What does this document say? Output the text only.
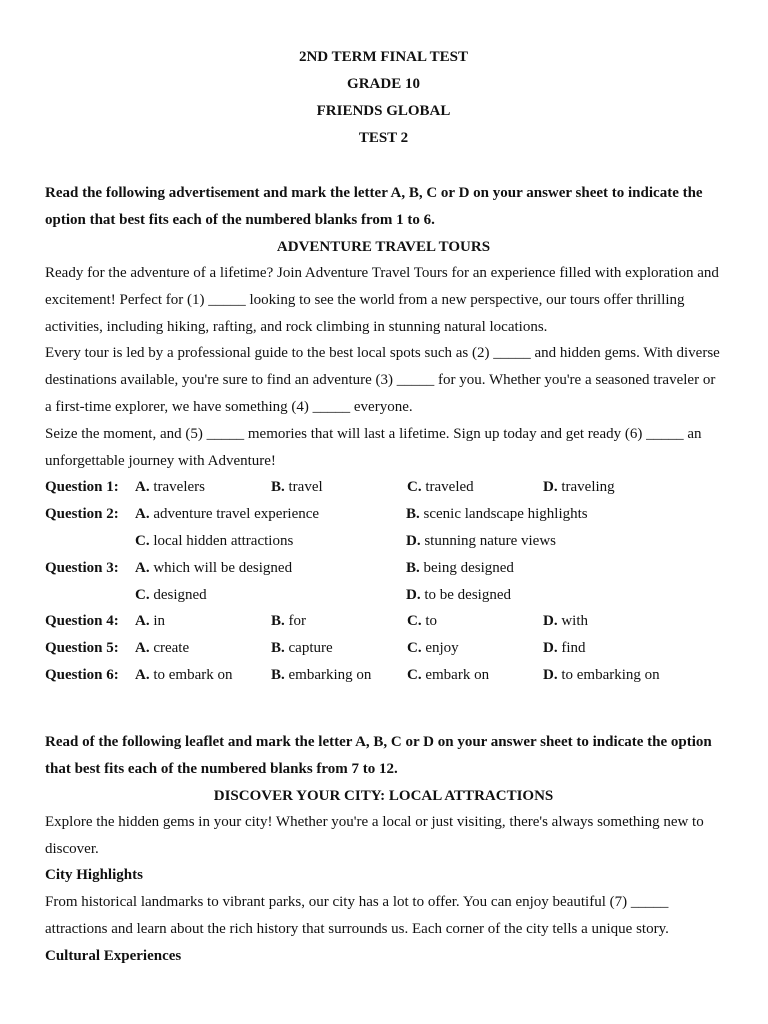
2ND TERM FINAL TEST
GRADE 10
FRIENDS GLOBAL
TEST 2
Read the following advertisement and mark the letter A, B, C or D on your answer sheet to indicate the option that best fits each of the numbered blanks from 1 to 6.
ADVENTURE TRAVEL TOURS

Ready for the adventure of a lifetime? Join Adventure Travel Tours for an experience filled with exploration and excitement! Perfect for (1) _____ looking to see the world from a new perspective, our tours offer thrilling activities, including hiking, rafting, and rock climbing in stunning natural locations.

Every tour is led by a professional guide to the best local spots such as (2) _____ and hidden gems. With diverse destinations available, you're sure to find an adventure (3) _____ for you. Whether you're a seasoned traveler or a first-time explorer, we have something (4) _____ everyone.

Seize the moment, and (5) _____ memories that will last a lifetime. Sign up today and get ready (6) _____ an unforgettable journey with Adventure!

Question 1:	A. travelers	B. travel	C. traveled	D. traveling
Question 2:	A. adventure travel experience	B. scenic landscape highlights
C. local hidden attractions	D. stunning nature views
Question 3:	A. which will be designed	B. being designed
C. designed	D. to be designed
Question 4:	A. in	B. for	C. to	D. with
Question 5:	A. create	B. capture	C. enjoy	D. find
Question 6:	A. to embark on	B. embarking on	C. embark on	D. to embarking on
Read of the following leaflet and mark the letter A, B, C or D on your answer sheet to indicate the option that best fits each of the numbered blanks from 7 to 12.
DISCOVER YOUR CITY: LOCAL ATTRACTIONS

Explore the hidden gems in your city! Whether you're a local or just visiting, there's always something new to discover.

City Highlights

From historical landmarks to vibrant parks, our city has a lot to offer. You can enjoy beautiful (7) _____ attractions and learn about the rich history that surrounds us. Each corner of the city tells a unique story.

Cultural Experiences
